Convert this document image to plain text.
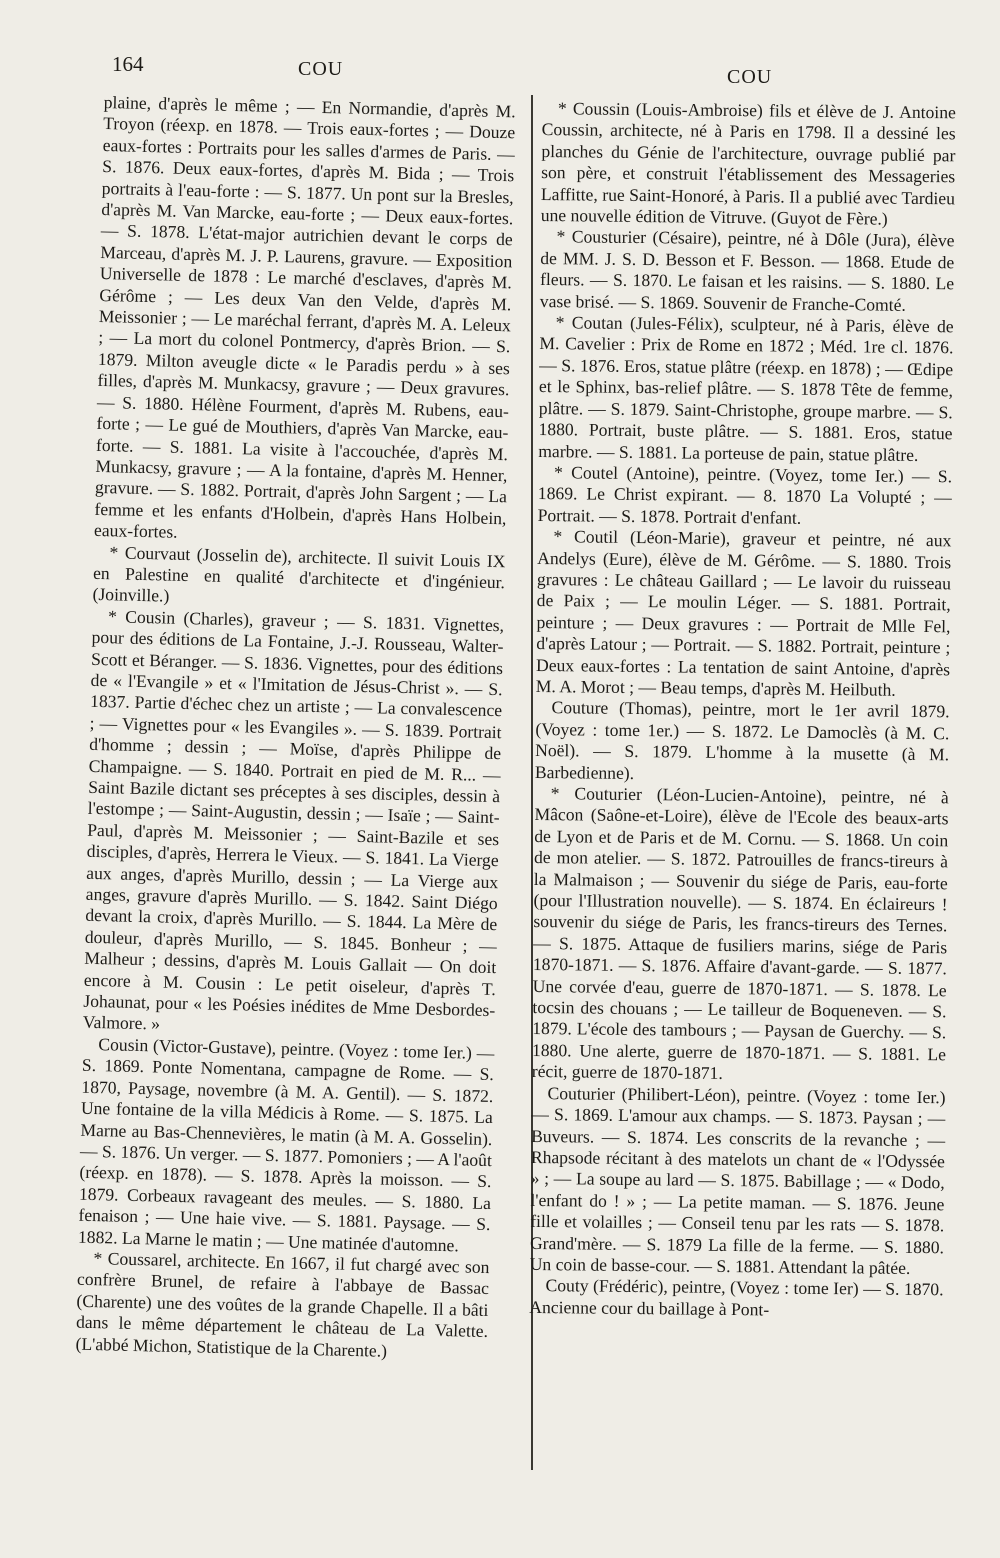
164	COU	COU

plaine, d'après le même ; — En Normandie, d'après M. Troyon (réexp. en 1878. — Trois eaux-fortes ; — Douze eaux-fortes : Portraits pour les salles d'armes de Paris. — S. 1876. Deux eaux-fortes, d'après M. Bida ; — Trois portraits à l'eau-forte : — S. 1877. Un pont sur la Bresles, d'après M. Van Marcke, eau-forte ; — Deux eaux-fortes. — S. 1878. L'état-major autrichien devant le corps de Marceau, d'après M. J. P. Laurens, gravure. — Exposition Universelle de 1878 : Le marché d'esclaves, d'après M. Gérôme ; — Les deux Van den Velde, d'après M. Meissonier ; — Le maréchal ferrant, d'après M. A. Leleux ; — La mort du colonel Pontmercy, d'après Brion. — S. 1879. Milton aveugle dicte « le Paradis perdu » à ses filles, d'après M. Munkacsy, gravure ; — Deux gravures. — S. 1880. Hélène Fourment, d'après M. Rubens, eau-forte ; — Le gué de Mouthiers, d'après Van Marcke, eau-forte. — S. 1881. La visite à l'accouchée, d'après M. Munkacsy, gravure ; — A la fontaine, d'après M. Henner, gravure. — S. 1882. Portrait, d'après John Sargent ; — La femme et les enfants d'Holbein, d'après Hans Holbein, eaux-fortes.

* Courvaut (Josselin de), architecte. Il suivit Louis IX en Palestine en qualité d'architecte et d'ingénieur. (Joinville.)

* Cousin (Charles), graveur ; — S. 1831. Vignettes, pour des éditions de La Fontaine, J.-J. Rousseau, Walter-Scott et Béranger. — S. 1836. Vignettes, pour des éditions de « l'Evangile » et « l'Imitation de Jésus-Christ ». — S. 1837. Partie d'échec chez un artiste ; — La convalescence ; — Vignettes pour « les Evangiles ». — S. 1839. Portrait d'homme ; dessin ; — Moïse, d'après Philippe de Champaigne. — S. 1840. Portrait en pied de M. R... — Saint Bazile dictant ses préceptes à ses disciples, dessin à l'estompe ; — Saint-Augustin, dessin ; — Isaïe ; — Saint-Paul, d'après M. Meissonier ; — Saint-Bazile et ses disciples, d'après, Herrera le Vieux. — S. 1841. La Vierge aux anges, d'après Murillo, dessin ; — La Vierge aux anges, gravure d'après Murillo. — S. 1842. Saint Diégo devant la croix, d'après Murillo. — S. 1844. La Mère de douleur, d'après Murillo, — S. 1845. Bonheur ; — Malheur ; dessins, d'après M. Louis Gallait — On doit encore à M. Cousin : Le petit oiseleur, d'après T. Johaunat, pour « les Poésies inédites de Mme Desbordes-Valmore. »

Cousin (Victor-Gustave), peintre. (Voyez : tome Ier.) — S. 1869. Ponte Nomentana, campagne de Rome. — S. 1870, Paysage, novembre (à M. A. Gentil). — S. 1872. Une fontaine de la villa Médicis à Rome. — S. 1875. La Marne au Bas-Chennevières, le matin (à M. A. Gosselin). — S. 1876. Un verger. — S. 1877. Pomoniers ; — A l'août (réexp. en 1878). — S. 1878. Après la moisson. — S. 1879. Corbeaux ravageant des meules. — S. 1880. La fenaison ; — Une haie vive. — S. 1881. Paysage. — S. 1882. La Marne le matin ; — Une matinée d'automne.

* Coussarel, architecte. En 1667, il fut chargé avec son confrère Brunel, de refaire à l'abbaye de Bassac (Charente) une des voûtes de la grande Chapelle. Il a bâti dans le même département le château de La Valette. (L'abbé Michon, Statistique de la Charente.)

* Coussin (Louis-Ambroise) fils et élève de J. Antoine Coussin, architecte, né à Paris en 1798. Il a dessiné les planches du Génie de l'architecture, ouvrage publié par son père, et construit l'établissement des Messageries Laffitte, rue Saint-Honoré, à Paris. Il a publié avec Tardieu une nouvelle édition de Vitruve. (Guyot de Fère.)

* Cousturier (Césaire), peintre, né à Dôle (Jura), élève de MM. J. S. D. Besson et F. Besson. — 1868. Etude de fleurs. — S. 1870. Le faisan et les raisins. — S. 1880. Le vase brisé. — S. 1869. Souvenir de Franche-Comté.

* Coutan (Jules-Félix), sculpteur, né à Paris, élève de M. Cavelier : Prix de Rome en 1872 ; Méd. 1re cl. 1876. — S. 1876. Eros, statue plâtre (réexp. en 1878) ; — Œdipe et le Sphinx, bas-relief plâtre. — S. 1878 Tête de femme, plâtre. — S. 1879. Saint-Christophe, groupe marbre. — S. 1880. Portrait, buste plâtre. — S. 1881. Eros, statue marbre. — S. 1881. La porteuse de pain, statue plâtre.

* Coutel (Antoine), peintre. (Voyez, tome Ier.) — S. 1869. Le Christ expirant. — 8. 1870 La Volupté ; — Portrait. — S. 1878. Portrait d'enfant.

* Coutil (Léon-Marie), graveur et peintre, né aux Andelys (Eure), élève de M. Gérôme. — S. 1880. Trois gravures : Le château Gaillard ; — Le lavoir du ruisseau de Paix ; — Le moulin Léger. — S. 1881. Portrait, peinture ; — Deux gravures : — Portrait de Mlle Fel, d'après Latour ; — Portrait. — S. 1882. Portrait, peinture ; Deux eaux-fortes : La tentation de saint Antoine, d'après M. A. Morot ; — Beau temps, d'après M. Heilbuth.

Couture (Thomas), peintre, mort le 1er avril 1879. (Voyez : tome 1er.) — S. 1872. Le Damoclès (à M. C. Noël). — S. 1879. L'homme à la musette (à M. Barbedienne).

* Couturier (Léon-Lucien-Antoine), peintre, né à Mâcon (Saône-et-Loire), élève de l'Ecole des beaux-arts de Lyon et de Paris et de M. Cornu. — S. 1868. Un coin de mon atelier. — S. 1872. Patrouilles de francs-tireurs à la Malmaison ; — Souvenir du siége de Paris, eau-forte (pour l'Illustration nouvelle). — S. 1874. En éclaireurs ! souvenir du siége de Paris, les francs-tireurs des Ternes. — S. 1875. Attaque de fusiliers marins, siége de Paris 1870-1871. — S. 1876. Affaire d'avant-garde. — S. 1877. Une corvée d'eau, guerre de 1870-1871. — S. 1878. Le tocsin des chouans ; — Le tailleur de Boqueneven. — S. 1879. L'école des tambours ; — Paysan de Guerchy. — S. 1880. Une alerte, guerre de 1870-1871. — S. 1881. Le récit, guerre de 1870-1871.

Couturier (Philibert-Léon), peintre. (Voyez : tome Ier.) — S. 1869. L'amour aux champs. — S. 1873. Paysan ; — Buveurs. — S. 1874. Les conscrits de la revanche ; — Rhapsode récitant à des matelots un chant de « l'Odyssée » ; — La soupe au lard — S. 1875. Babillage ; — « Dodo, l'enfant do ! » ; — La petite maman. — S. 1876. Jeune fille et volailles ; — Conseil tenu par les rats — S. 1878. Grand'mère. — S. 1879 La fille de la ferme. — S. 1880. Un coin de basse-cour. — S. 1881. Attendant la pâtée.

Couty (Frédéric), peintre, (Voyez : tome Ier) — S. 1870. Ancienne cour du baillage à Pont-
